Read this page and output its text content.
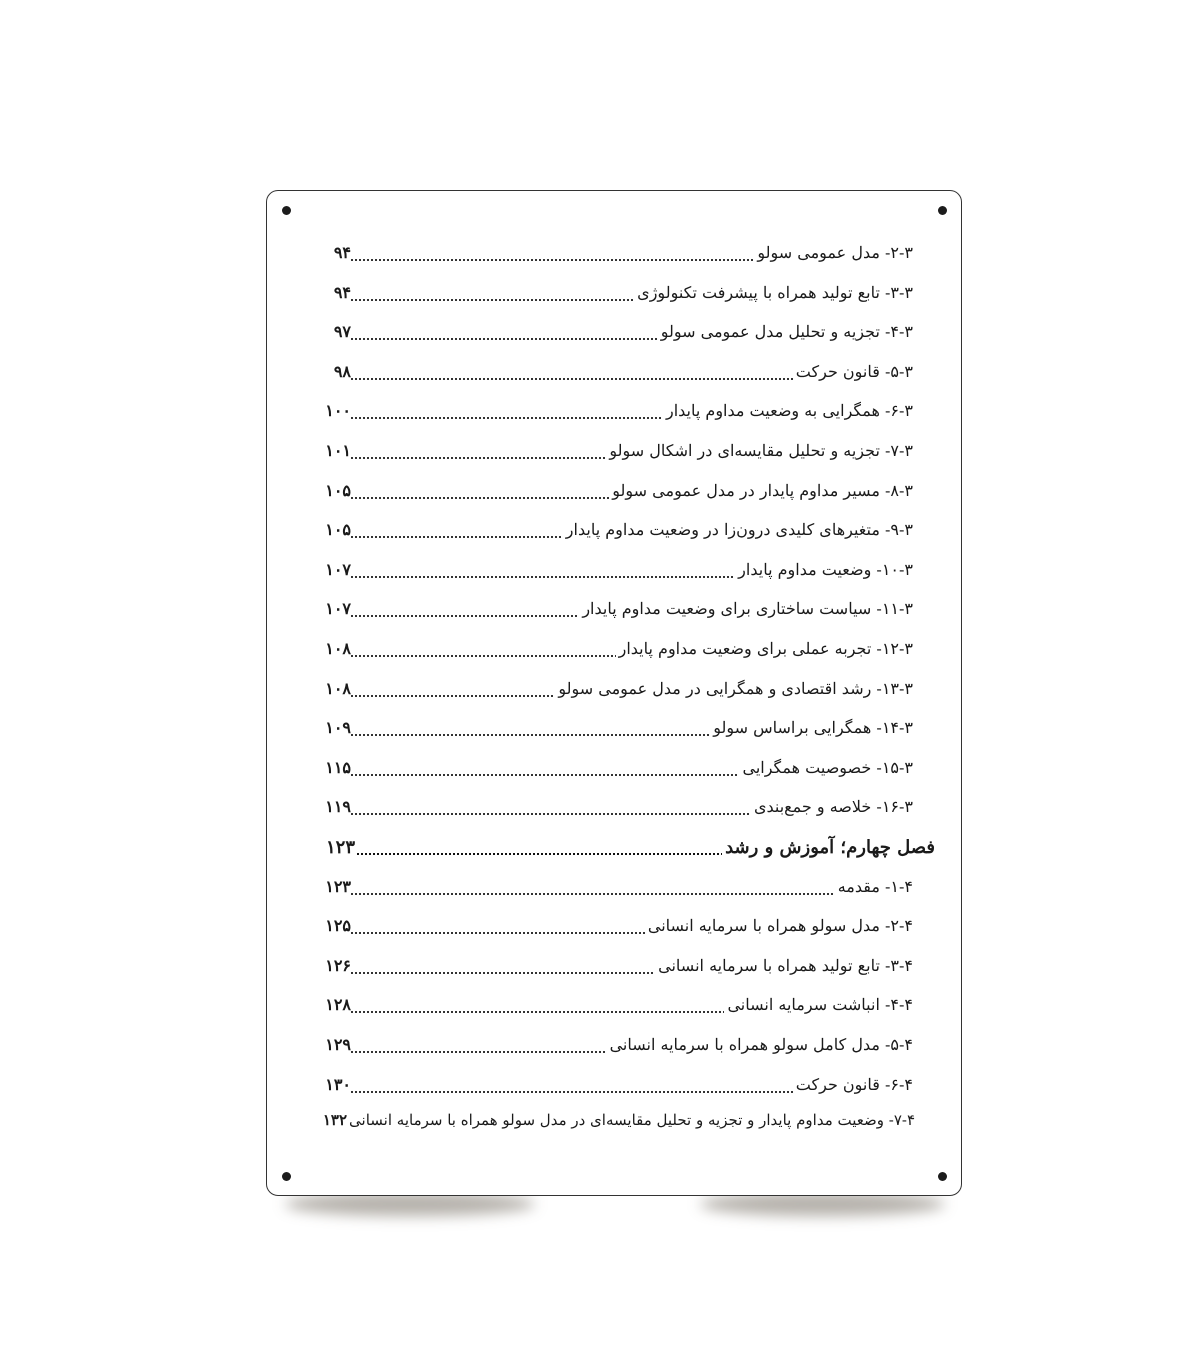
۲-۳- مدل عمومی سولو
۹۴
۳-۳- تابع تولید همراه با پیشرفت تکنولوژی
۹۴
۴-۳- تجزیه و تحلیل مدل عمومی سولو
۹۷
۵-۳- قانون حرکت
۹۸
۶-۳- همگرایی به وضعیت مداوم پایدار
۱۰۰
۷-۳- تجزیه و تحلیل مقایسه‌ای در اشکال سولو
۱۰۱
۸-۳- مسیر مداوم پایدار در مدل عمومی سولو
۱۰۵
۹-۳- متغیرهای کلیدی درون‌زا در وضعیت مداوم پایدار
۱۰۵
۱۰-۳- وضعیت مداوم پایدار
۱۰۷
۱۱-۳- سیاست ساختاری برای وضعیت مداوم پایدار
۱۰۷
۱۲-۳- تجربه عملی برای وضعیت مداوم پایدار
۱۰۸
۱۳-۳- رشد اقتصادی و همگرایی در مدل عمومی سولو
۱۰۸
۱۴-۳- همگرایی براساس سولو
۱۰۹
۱۵-۳- خصوصیت همگرایی
۱۱۵
۱۶-۳- خلاصه و جمع‌بندی
۱۱۹
فصل چهارم؛ آموزش و رشد
۱۲۳
۱-۴- مقدمه
۱۲۳
۲-۴- مدل سولو همراه با سرمایه انسانی
۱۲۵
۳-۴- تابع تولید همراه با سرمایه انسانی
۱۲۶
۴-۴- انباشت سرمایه انسانی
۱۲۸
۵-۴- مدل کامل سولو همراه با سرمایه انسانی
۱۲۹
۶-۴- قانون حرکت
۱۳۰
۷-۴- وضعیت مداوم پایدار و تجزیه و تحلیل مقایسه‌ای در مدل سولو همراه با سرمایه انسانی۱۳۲
